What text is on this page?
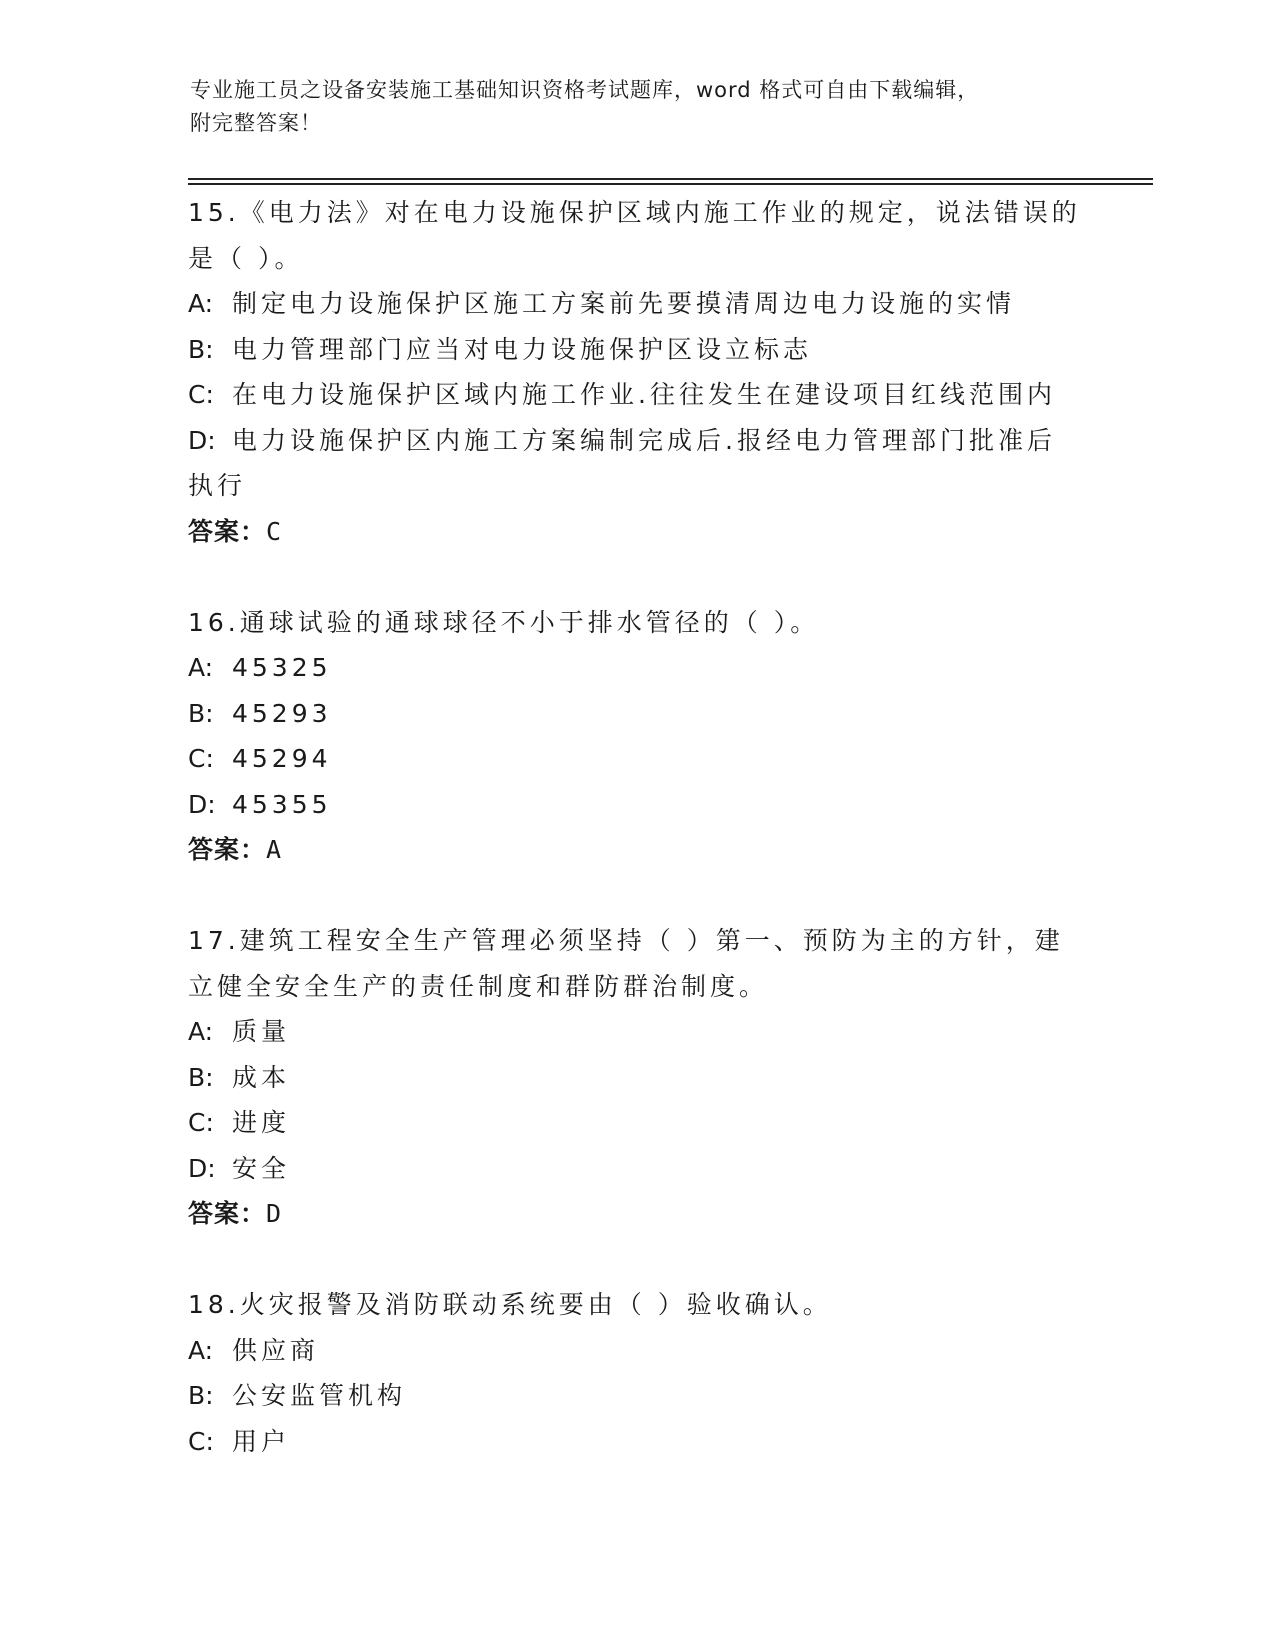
专业施工员之设备安装施工基础知识资格考试题库，word 格式可自由下载编辑，
附完整答案！
15.《电力法》对在电力设施保护区域内施工作业的规定，说法错误的
是（ ）。
A: 制定电力设施保护区施工方案前先要摸清周边电力设施的实情
B: 电力管理部门应当对电力设施保护区设立标志
C: 在电力设施保护区域内施工作业.往往发生在建设项目红线范围内
D: 电力设施保护区内施工方案编制完成后.报经电力管理部门批准后
执行
答案：C
16.通球试验的通球球径不小于排水管径的（ ）。
A: 45325
B: 45293
C: 45294
D: 45355
答案：A
17.建筑工程安全生产管理必须坚持（ ）第一、预防为主的方针，建
立健全安全生产的责任制度和群防群治制度。
A: 质量
B: 成本
C: 进度
D: 安全
答案：D
18.火灾报警及消防联动系统要由（ ）验收确认。
A: 供应商
B: 公安监管机构
C: 用户
